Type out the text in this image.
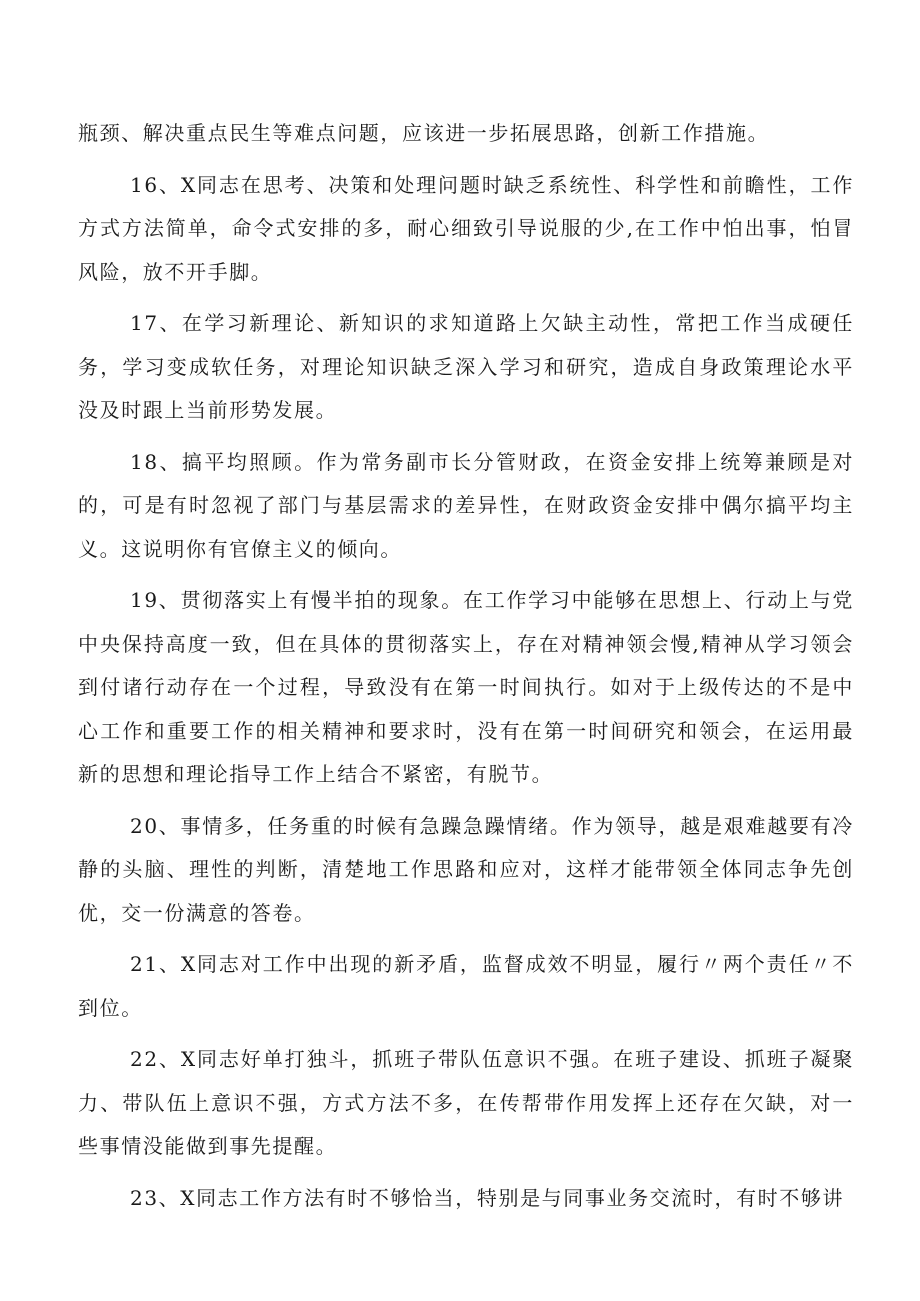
瓶颈、解决重点民生等难点问题，应该进一步拓展思路，创新工作措施。

16、X同志在思考、决策和处理问题时缺乏系统性、科学性和前瞻性，工作方式方法简单，命令式安排的多，耐心细致引导说服的少,在工作中怕出事，怕冒风险，放不开手脚。

17、在学习新理论、新知识的求知道路上欠缺主动性，常把工作当成硬任务，学习变成软任务，对理论知识缺乏深入学习和研究，造成自身政策理论水平没及时跟上当前形势发展。

18、搞平均照顾。作为常务副市长分管财政，在资金安排上统筹兼顾是对的，可是有时忽视了部门与基层需求的差异性，在财政资金安排中偶尔搞平均主义。这说明你有官僚主义的倾向。

19、贯彻落实上有慢半拍的现象。在工作学习中能够在思想上、行动上与党中央保持高度一致，但在具体的贯彻落实上，存在对精神领会慢,精神从学习领会到付诸行动存在一个过程，导致没有在第一时间执行。如对于上级传达的不是中心工作和重要工作的相关精神和要求时，没有在第一时间研究和领会，在运用最新的思想和理论指导工作上结合不紧密，有脱节。

20、事情多，任务重的时候有急躁急躁情绪。作为领导，越是艰难越要有冷静的头脑、理性的判断，清楚地工作思路和应对，这样才能带领全体同志争先创优，交一份满意的答卷。

21、X同志对工作中出现的新矛盾，监督成效不明显，履行〃两个责任〃不到位。

22、X同志好单打独斗，抓班子带队伍意识不强。在班子建设、抓班子凝聚力、带队伍上意识不强，方式方法不多，在传帮带作用发挥上还存在欠缺，对一些事情没能做到事先提醒。

23、X同志工作方法有时不够恰当，特别是与同事业务交流时，有时不够讲
